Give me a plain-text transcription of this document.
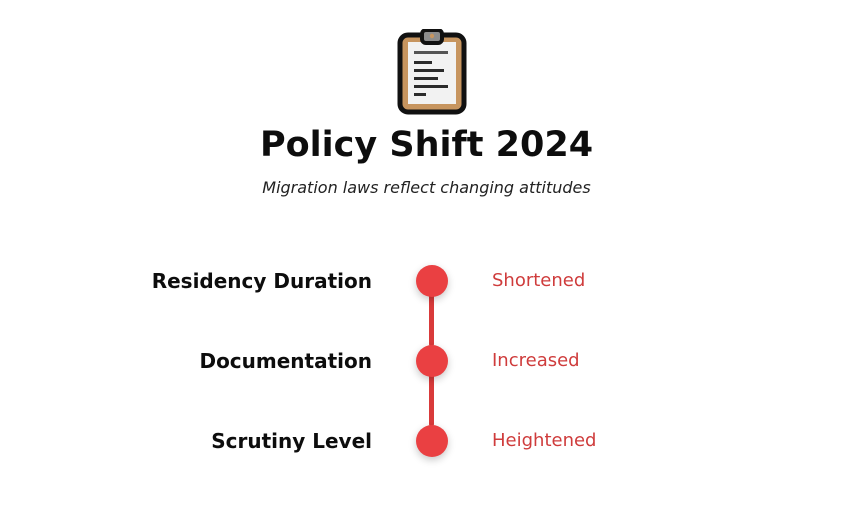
Policy Shift 2024

Migration laws reflect changing attitudes

Residency Duration	Shortened
Documentation	Increased
Scrutiny Level	Heightened
